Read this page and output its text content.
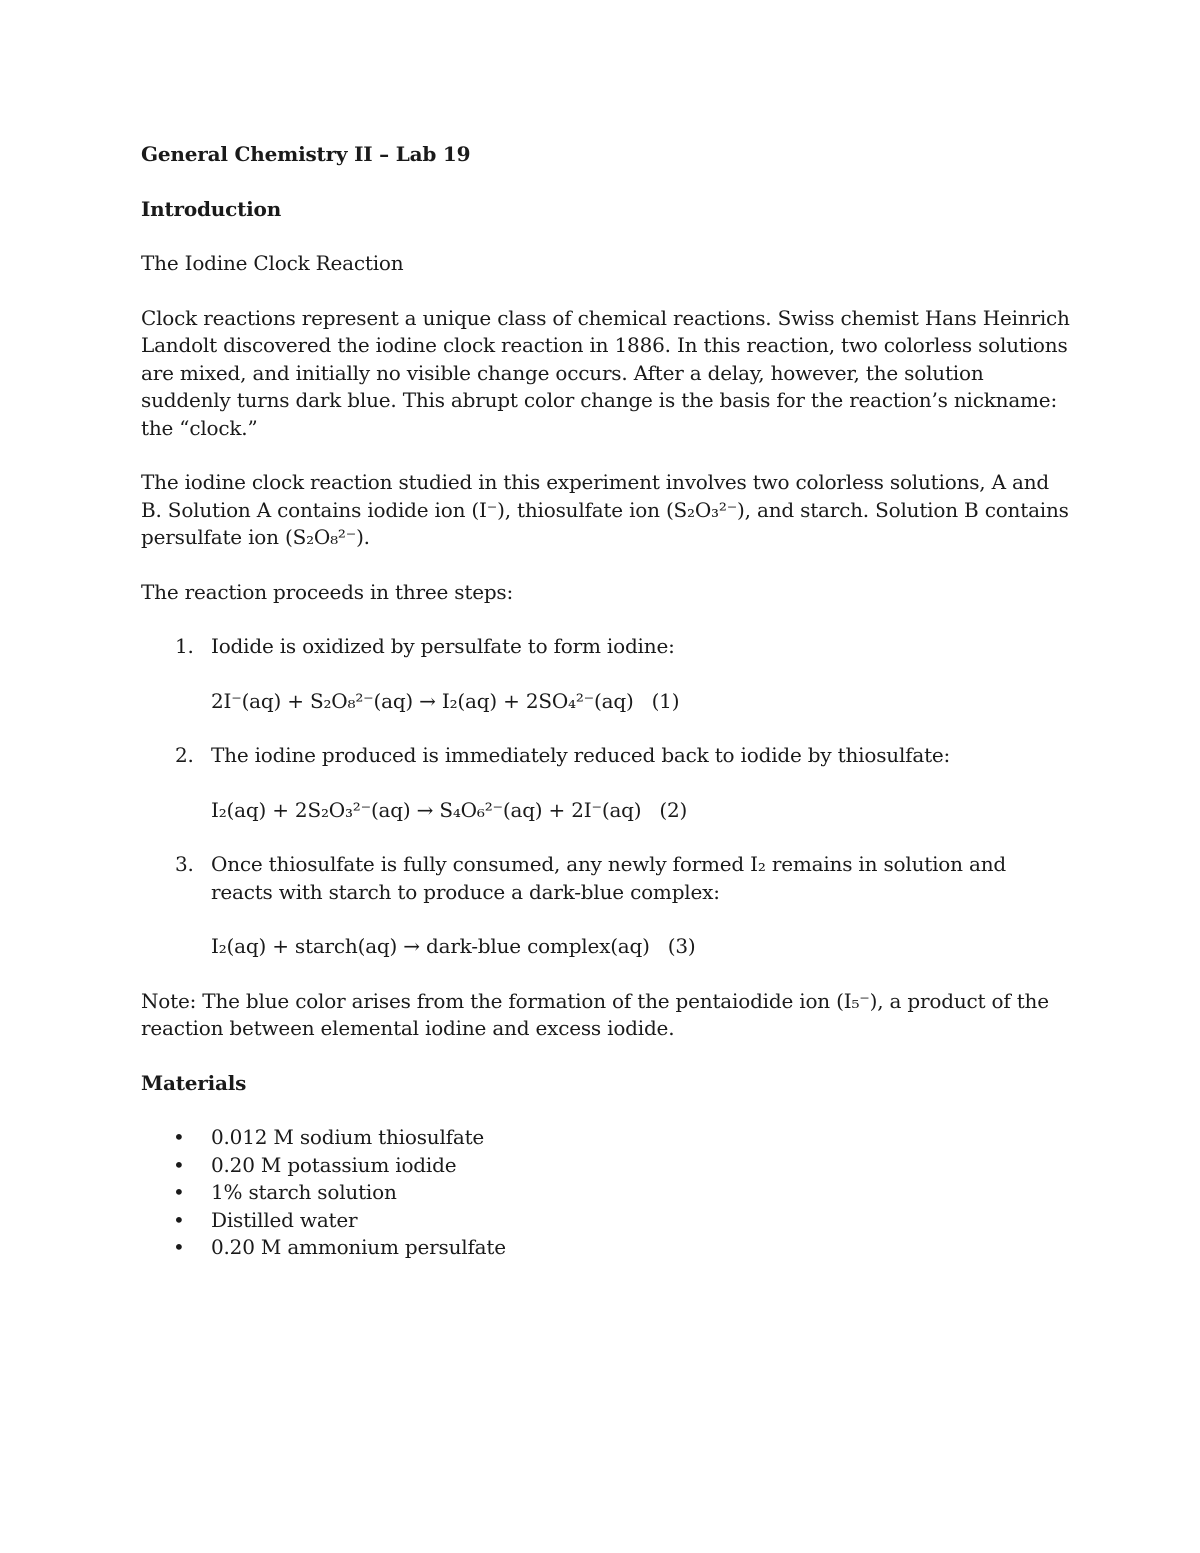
General Chemistry II – Lab 19

Introduction

The Iodine Clock Reaction

Clock reactions represent a unique class of chemical reactions. Swiss chemist Hans Heinrich Landolt discovered the iodine clock reaction in 1886. In this reaction, two colorless solutions are mixed, and initially no visible change occurs. After a delay, however, the solution suddenly turns dark blue. This abrupt color change is the basis for the reaction’s nickname: the “clock.”

The iodine clock reaction studied in this experiment involves two colorless solutions, A and B. Solution A contains iodide ion (I⁻), thiosulfate ion (S₂O₃²⁻), and starch. Solution B contains persulfate ion (S₂O₈²⁻).

The reaction proceeds in three steps:

1. Iodide is oxidized by persulfate to form iodine:

2I⁻(aq) + S₂O₈²⁻(aq) → I₂(aq) + 2SO₄²⁻(aq) (1)

2. The iodine produced is immediately reduced back to iodide by thiosulfate:

I₂(aq) + 2S₂O₃²⁻(aq) → S₄O₆²⁻(aq) + 2I⁻(aq) (2)

3. Once thiosulfate is fully consumed, any newly formed I₂ remains in solution and reacts with starch to produce a dark-blue complex:

I₂(aq) + starch(aq) → dark-blue complex(aq) (3)

Note: The blue color arises from the formation of the pentaiodide ion (I₅⁻), a product of the reaction between elemental iodine and excess iodide.

Materials

• 0.012 M sodium thiosulfate
• 0.20 M potassium iodide
• 1% starch solution
• Distilled water
• 0.20 M ammonium persulfate
